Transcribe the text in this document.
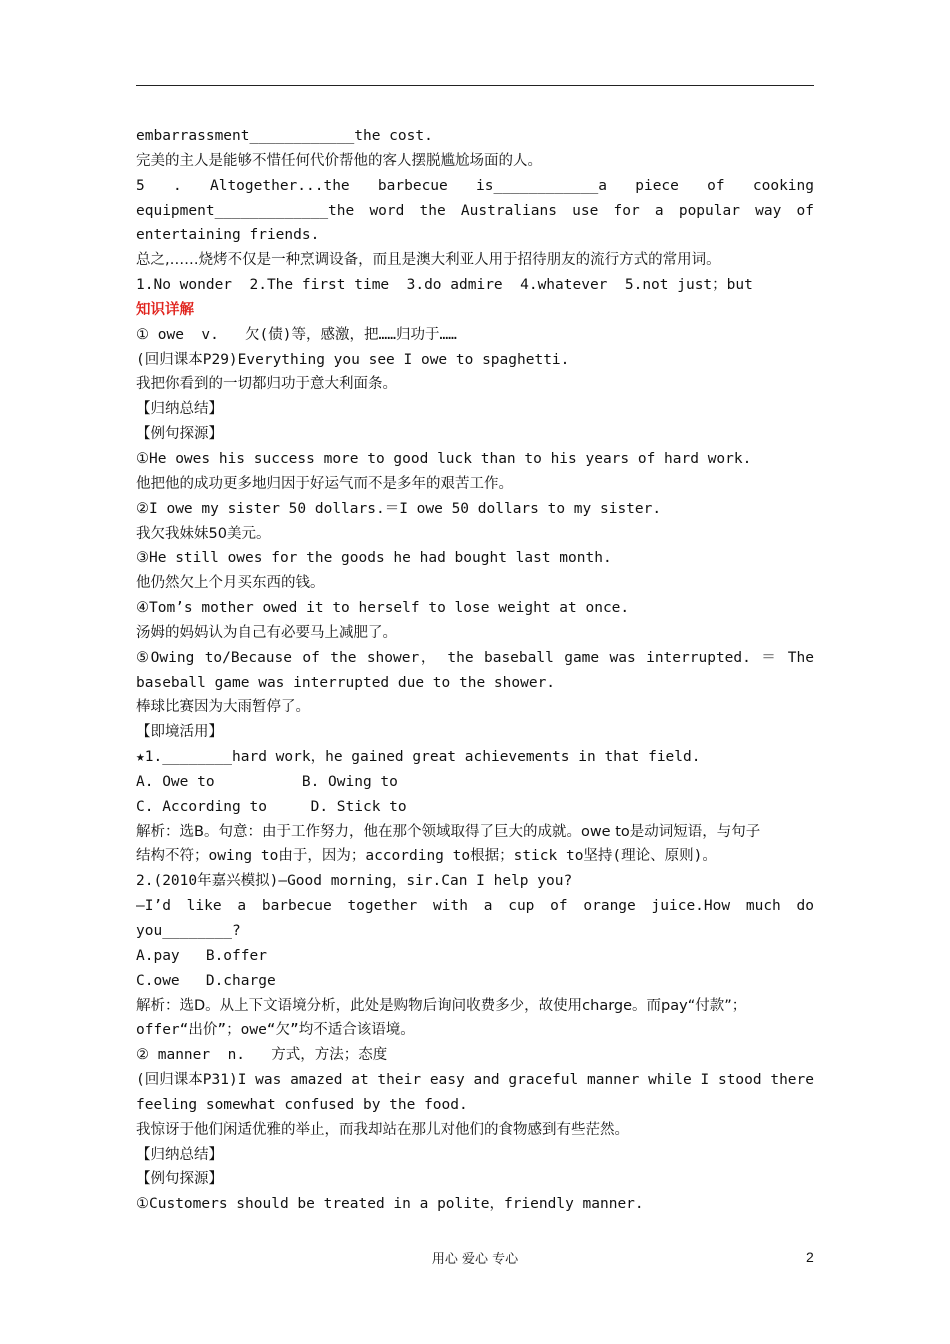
embarrassment____________the cost.
完美的主人是能够不惜任何代价帮他的客人摆脱尴尬场面的人。
5 . Altogether...the barbecue is____________a piece of cooking
equipment_____________the word the Australians use for a popular way of
entertaining friends.
总之,……烧烤不仅是一种烹调设备，而且是澳大利亚人用于招待朋友的流行方式的常用词。
1.No wonder  2.The first time  3.do admire  4.whatever  5.not just；but
知识详解
① owe  v.   欠(债)等，感激，把……归功于……
(回归课本P29)Everything you see I owe to spaghetti.
我把你看到的一切都归功于意大利面条。
【归纳总结】
【例句探源】
①He owes his success more to good luck than to his years of hard work.
他把他的成功更多地归因于好运气而不是多年的艰苦工作。
②I owe my sister 50 dollars.＝I owe 50 dollars to my sister.
我欠我妹妹50美元。
③He still owes for the goods he had bought last month.
他仍然欠上个月买东西的钱。
④Tom’s mother owed it to herself to lose weight at once.
汤姆的妈妈认为自己有必要马上减肥了。
⑤Owing to/Because of the shower， the baseball game was interrupted. ＝ The
baseball game was interrupted due to the shower.
棒球比赛因为大雨暂停了。
【即境活用】
★1.________hard work，he gained great achievements in that field.
A. Owe to          B. Owing to
C. According to     D. Stick to
解析：选B。句意：由于工作努力，他在那个领域取得了巨大的成就。owe to是动词短语，与句子
结构不符；owing to由于，因为；according to根据；stick to坚持(理论、原则)。
2.(2010年嘉兴模拟)—Good morning，sir.Can I help you?
—I’d like a barbecue together with a cup of orange juice.How much do
you________?
A.pay   B.offer
C.owe   D.charge
解析：选D。从上下文语境分析，此处是购物后询问收费多少，故使用charge。而pay“付款”；
offer“出价”；owe“欠”均不适合该语境。
② manner  n.   方式，方法；态度
(回归课本P31)I was amazed at their easy and graceful manner while I stood there
feeling somewhat confused by the food.
我惊讶于他们闲适优雅的举止，而我却站在那儿对他们的食物感到有些茫然。
【归纳总结】
【例句探源】
①Customers should be treated in a polite，friendly manner.
用心 爱心 专心	2
